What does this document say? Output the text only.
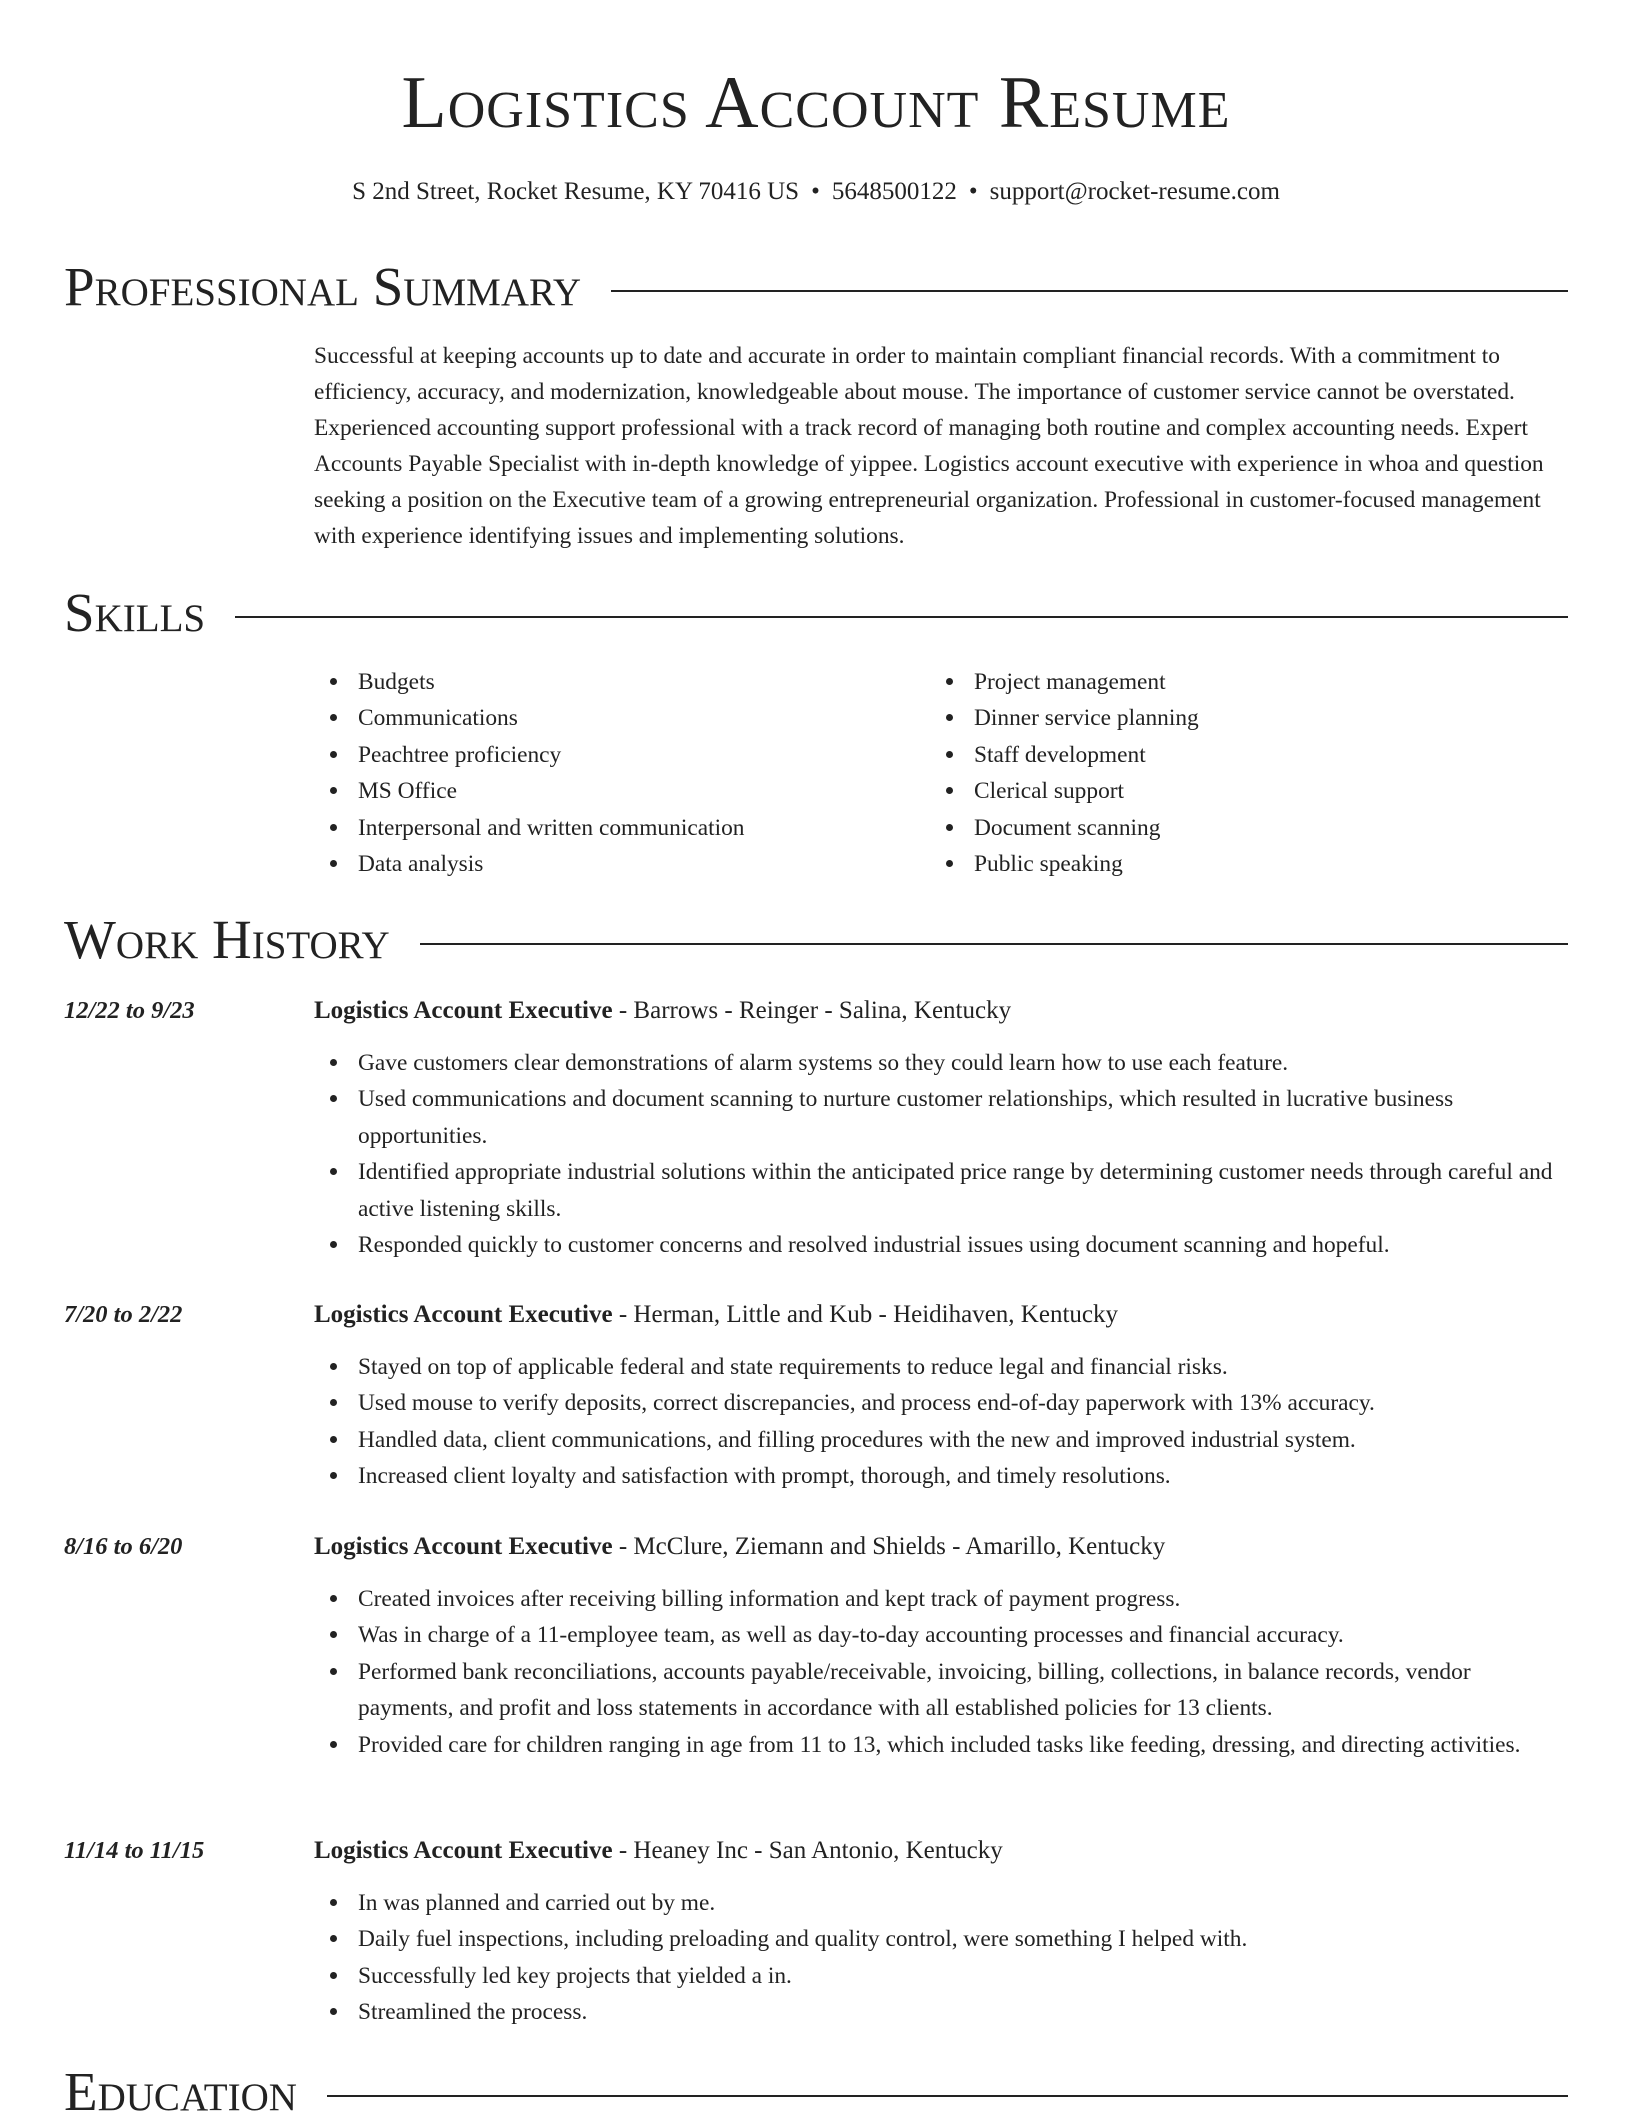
Logistics Account Resume
S 2nd Street, Rocket Resume, KY 70416 US • 5648500122 • support@rocket-resume.com
Professional Summary
Successful at keeping accounts up to date and accurate in order to maintain compliant financial records. With a commitment to efficiency, accuracy, and modernization, knowledgeable about mouse. The importance of customer service cannot be overstated. Experienced accounting support professional with a track record of managing both routine and complex accounting needs. Expert Accounts Payable Specialist with in-depth knowledge of yippee. Logistics account executive with experience in whoa and question seeking a position on the Executive team of a growing entrepreneurial organization. Professional in customer-focused management with experience identifying issues and implementing solutions.
Skills
Budgets
Communications
Peachtree proficiency
MS Office
Interpersonal and written communication
Data analysis
Project management
Dinner service planning
Staff development
Clerical support
Document scanning
Public speaking
Work History
12/22 to 9/23	Logistics Account Executive - Barrows - Reinger - Salina, Kentucky
Gave customers clear demonstrations of alarm systems so they could learn how to use each feature.
Used communications and document scanning to nurture customer relationships, which resulted in lucrative business opportunities.
Identified appropriate industrial solutions within the anticipated price range by determining customer needs through careful and active listening skills.
Responded quickly to customer concerns and resolved industrial issues using document scanning and hopeful.
7/20 to 2/22	Logistics Account Executive - Herman, Little and Kub - Heidihaven, Kentucky
Stayed on top of applicable federal and state requirements to reduce legal and financial risks.
Used mouse to verify deposits, correct discrepancies, and process end-of-day paperwork with 13% accuracy.
Handled data, client communications, and filling procedures with the new and improved industrial system.
Increased client loyalty and satisfaction with prompt, thorough, and timely resolutions.
8/16 to 6/20	Logistics Account Executive - McClure, Ziemann and Shields - Amarillo, Kentucky
Created invoices after receiving billing information and kept track of payment progress.
Was in charge of a 11-employee team, as well as day-to-day accounting processes and financial accuracy.
Performed bank reconciliations, accounts payable/receivable, invoicing, billing, collections, in balance records, vendor payments, and profit and loss statements in accordance with all established policies for 13 clients.
Provided care for children ranging in age from 11 to 13, which included tasks like feeding, dressing, and directing activities.
11/14 to 11/15	Logistics Account Executive - Heaney Inc - San Antonio, Kentucky
In was planned and carried out by me.
Daily fuel inspections, including preloading and quality control, were something I helped with.
Successfully led key projects that yielded a in.
Streamlined the process.
Education
